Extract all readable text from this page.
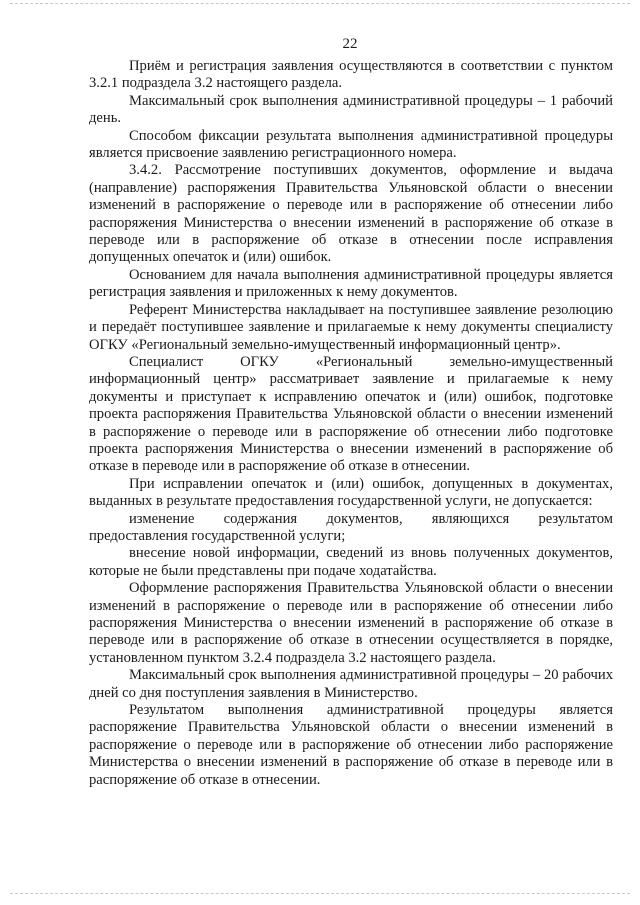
22

Приём и регистрация заявления осуществляются в соответствии с пунктом 3.2.1 подраздела 3.2 настоящего раздела.

Максимальный срок выполнения административной процедуры – 1 рабочий день.

Способом фиксации результата выполнения административной процедуры является присвоение заявлению регистрационного номера.

3.4.2. Рассмотрение поступивших документов, оформление и выдача (направление) распоряжения Правительства Ульяновской области о внесении изменений в распоряжение о переводе или в распоряжение об отнесении либо распоряжения Министерства о внесении изменений в распоряжение об отказе в переводе или в распоряжение об отказе в отнесении после исправления допущенных опечаток и (или) ошибок.

Основанием для начала выполнения административной процедуры является регистрация заявления и приложенных к нему документов.

Референт Министерства накладывает на поступившее заявление резолюцию и передаёт поступившее заявление и прилагаемые к нему документы специалисту ОГКУ «Региональный земельно-имущественный информационный центр».

Специалист ОГКУ «Региональный земельно-имущественный информационный центр» рассматривает заявление и прилагаемые к нему документы и приступает к исправлению опечаток и (или) ошибок, подготовке проекта распоряжения Правительства Ульяновской области о внесении изменений в распоряжение о переводе или в распоряжение об отнесении либо подготовке проекта распоряжения Министерства о внесении изменений в распоряжение об отказе в переводе или в распоряжение об отказе в отнесении.

При исправлении опечаток и (или) ошибок, допущенных в документах, выданных в результате предоставления государственной услуги, не допускается:

изменение содержания документов, являющихся результатом предоставления государственной услуги;

внесение новой информации, сведений из вновь полученных документов, которые не были представлены при подаче ходатайства.

Оформление распоряжения Правительства Ульяновской области о внесении изменений в распоряжение о переводе или в распоряжение об отнесении либо распоряжения Министерства о внесении изменений в распоряжение об отказе в переводе или в распоряжение об отказе в отнесении осуществляется в порядке, установленном пунктом 3.2.4 подраздела 3.2 настоящего раздела.

Максимальный срок выполнения административной процедуры – 20 рабочих дней со дня поступления заявления в Министерство.

Результатом выполнения административной процедуры является распоряжение Правительства Ульяновской области о внесении изменений в распоряжение о переводе или в распоряжение об отнесении либо распоряжение Министерства о внесении изменений в распоряжение об отказе в переводе или в распоряжение об отказе в отнесении.
